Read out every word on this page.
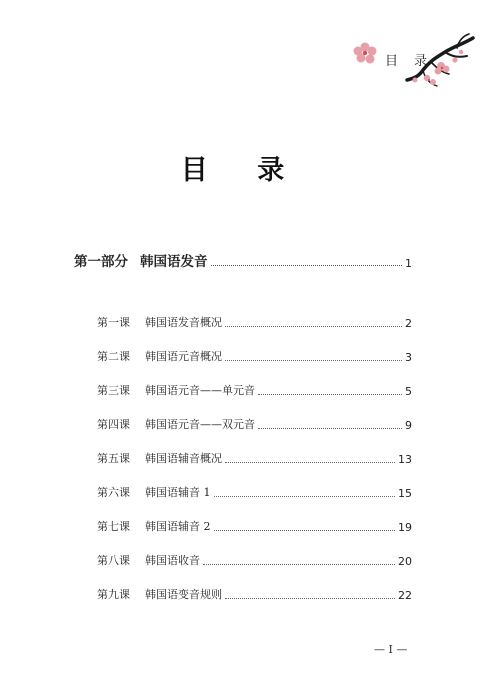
目 录
目 录
第一部分 韩国语发音	1
第一课 韩国语发音概况	2
第二课 韩国语元音概况	3
第三课 韩国语元音——单元音	5
第四课 韩国语元音——双元音	9
第五课 韩国语辅音概况	13
第六课 韩国语辅音 1	15
第七课 韩国语辅音 2	19
第八课 韩国语收音	20
第九课 韩国语变音规则	22
— I —
